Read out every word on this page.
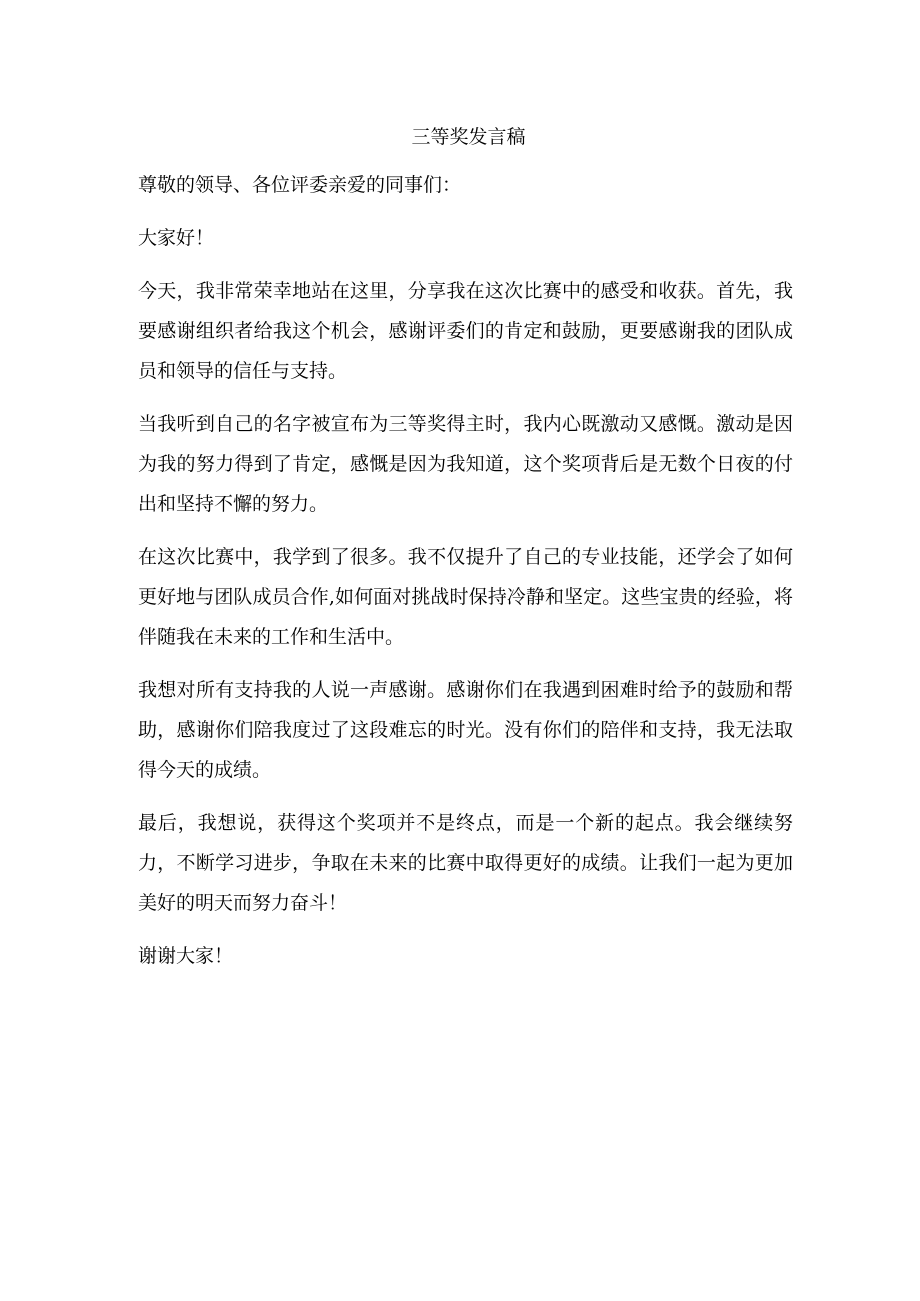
三等奖发言稿

尊敬的领导、各位评委亲爱的同事们：

大家好！

今天，我非常荣幸地站在这里，分享我在这次比赛中的感受和收获。首先，我要感谢组织者给我这个机会，感谢评委们的肯定和鼓励，更要感谢我的团队成员和领导的信任与支持。

当我听到自己的名字被宣布为三等奖得主时，我内心既激动又感慨。激动是因为我的努力得到了肯定，感慨是因为我知道，这个奖项背后是无数个日夜的付出和坚持不懈的努力。

在这次比赛中，我学到了很多。我不仅提升了自己的专业技能，还学会了如何更好地与团队成员合作,如何面对挑战时保持冷静和坚定。这些宝贵的经验，将伴随我在未来的工作和生活中。

我想对所有支持我的人说一声感谢。感谢你们在我遇到困难时给予的鼓励和帮助，感谢你们陪我度过了这段难忘的时光。没有你们的陪伴和支持，我无法取得今天的成绩。

最后，我想说，获得这个奖项并不是终点，而是一个新的起点。我会继续努力，不断学习进步，争取在未来的比赛中取得更好的成绩。让我们一起为更加美好的明天而努力奋斗！

谢谢大家！
